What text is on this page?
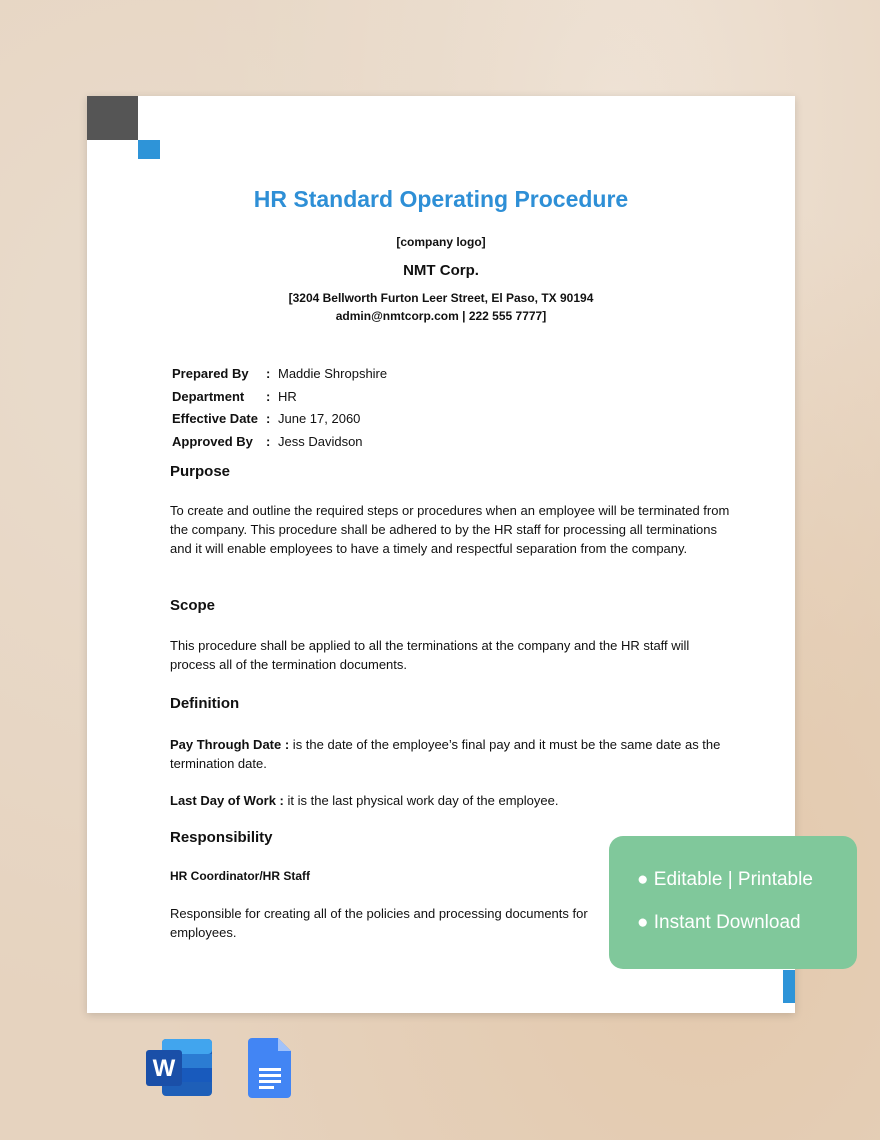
HR Standard Operating Procedure
[company logo]
NMT Corp.
[3204 Bellworth Furton Leer Street, El Paso, TX 90194
admin@nmtcorp.com | 222 555 7777]
Prepared By	:	Maddie Shropshire
Department	:	HR
Effective Date	:	June 17, 2060
Approved By	:	Jess Davidson
Purpose
To create and outline the required steps or procedures when an employee will be terminated from the company. This procedure shall be adhered to by the HR staff for processing all terminations and it will enable employees to have a timely and respectful separation from the company.
Scope
This procedure shall be applied to all the terminations at the company and the HR staff will process all of the termination documents.
Definition
Pay Through Date : is the date of the employee’s final pay and it must be the same date as the termination date.
Last Day of Work : it is the last physical work day of the employee.
Responsibility
HR Coordinator/HR Staff
Responsible for creating all of the policies and processing documents for employees.
● Editable | Printable
● Instant Download
W
